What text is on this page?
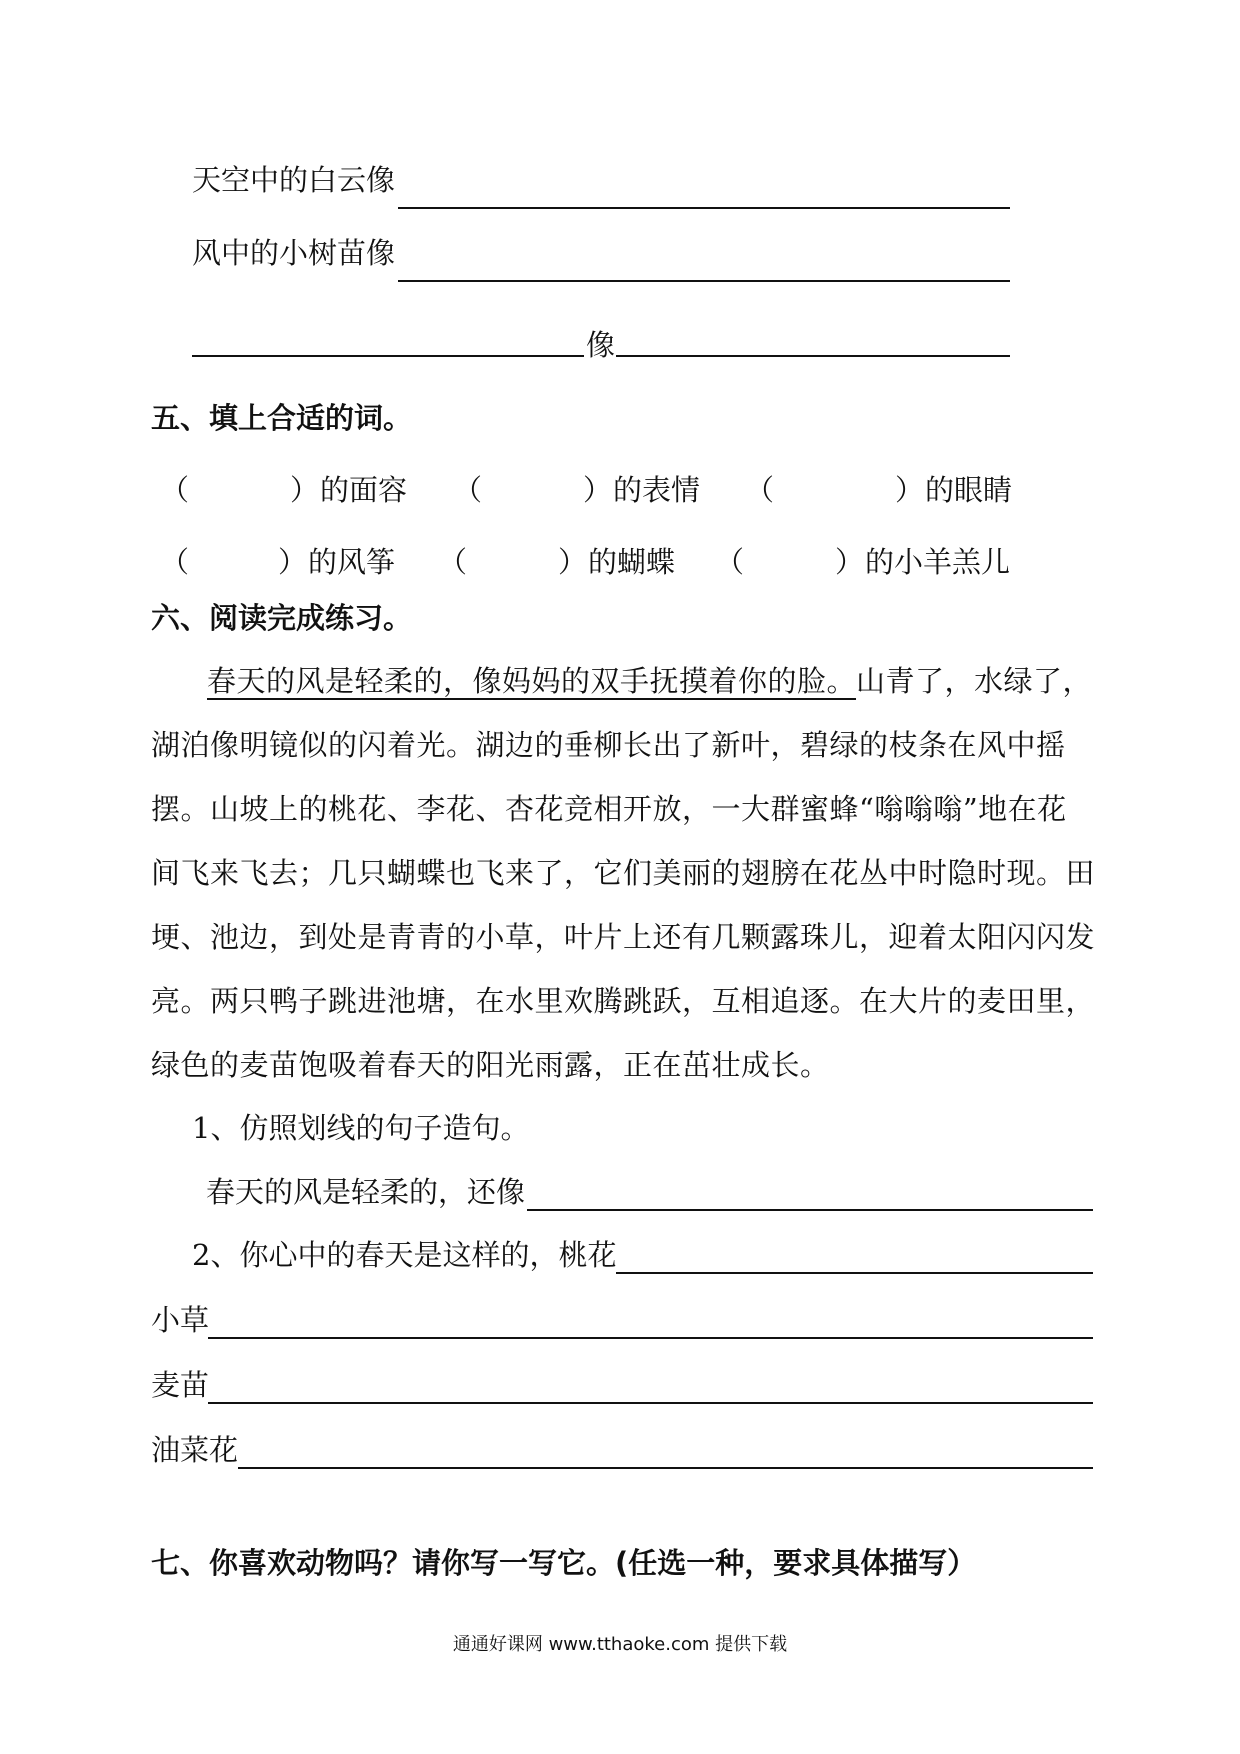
天空中的白云像
风中的小树苗像
像
五、填上合适的词。
（	） 的面容 （	） 的表情 （	） 的眼睛
（	） 的风筝 （	） 的蝴蝶 （	） 的小羊羔儿
六、阅读完成练习。
春天的风是轻柔的，像妈妈的双手抚摸着你的脸。山青了，水绿了，湖泊像明镜似的闪着光。湖边的垂柳长出了新叶，碧绿的枝条在风中摇摆。山坡上的桃花、李花、杏花竞相开放，一大群蜜蜂“嗡嗡嗡”地在花间飞来飞去；几只蝴蝶也飞来了，它们美丽的翅膀在花丛中时隐时现。田埂、池边，到处是青青的小草，叶片上还有几颗露珠儿，迎着太阳闪闪发亮。两只鸭子跳进池塘，在水里欢腾跳跃，互相追逐。在大片的麦田里，绿色的麦苗饱吸着春天的阳光雨露，正在茁壮成长。
1、仿照划线的句子造句。
春天的风是轻柔的，还像
2、你心中的春天是这样的，桃花
小草
麦苗
油菜花
七、你喜欢动物吗？请你写一写它。(任选一种，要求具体描写）
通通好课网 www.tthaoke.com 提供下载
